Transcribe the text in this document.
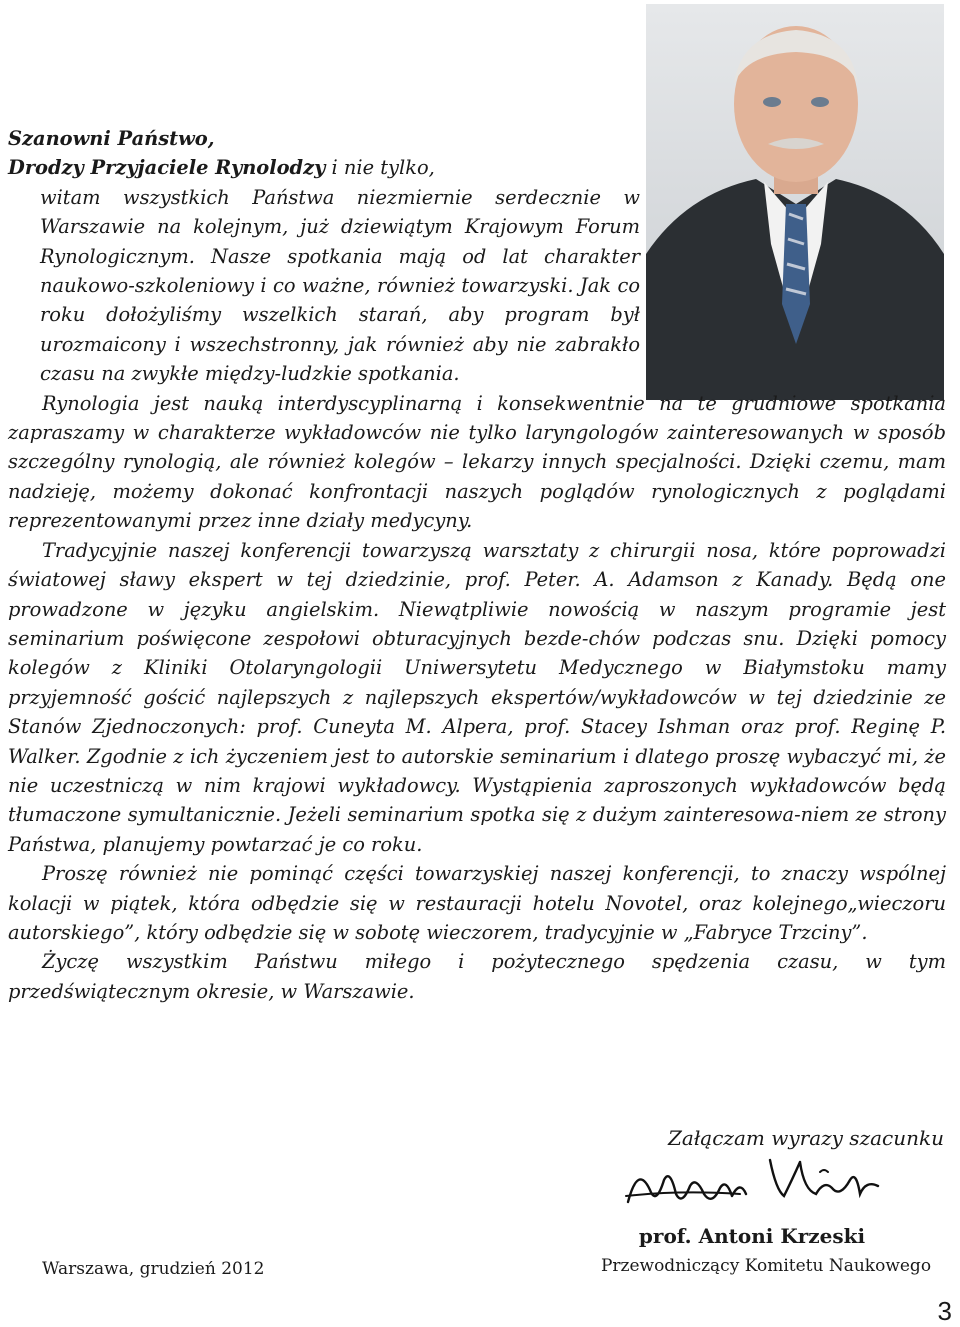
Szanowni Państwo,

Drodzy Przyjaciele Rynolodzy i nie tylko,

witam wszystkich Państwa niezmiernie serdecznie w Warszawie na kolejnym, już dziewiątym Krajowym Forum Rynologicznym. Nasze spotkania mają od lat charakter naukowo-szkoleniowy i co ważne, również towarzyski. Jak co roku dołożyliśmy wszelkich starań, aby program był urozmaicony i wszechstronny, jak również aby nie zabrakło czasu na zwykłe między-ludzkie spotkania.

Rynologia jest nauką interdyscyplinarną i konsekwentnie na te grudniowe spotkania zapraszamy w charakterze wykładowców nie tylko laryngologów zainteresowanych w sposób szczególny rynologią, ale również kolegów – lekarzy innych specjalności. Dzięki czemu, mam nadzieję, możemy dokonać konfrontacji naszych poglądów rynologicznych z poglądami reprezentowanymi przez inne działy medycyny.

Tradycyjnie naszej konferencji towarzyszą warsztaty z chirurgii nosa, które poprowadzi światowej sławy ekspert w tej dziedzinie, prof. Peter. A. Adamson z Kanady. Będą one prowadzone w języku angielskim. Niewątpliwie nowością w naszym programie jest seminarium poświęcone zespołowi obturacyjnych bezde-chów podczas snu. Dzięki pomocy kolegów z Kliniki Otolaryngologii Uniwersytetu Medycznego w Białymstoku mamy przyjemność gościć najlepszych z najlepszych ekspertów/wykładowców w tej dziedzinie ze Stanów Zjednoczonych: prof. Cuneyta M. Alpera, prof. Stacey Ishman oraz prof. Reginę P. Walker. Zgodnie z ich życzeniem jest to autorskie seminarium i dlatego proszę wybaczyć mi, że nie uczestniczą w nim krajowi wykładowcy. Wystąpienia zaproszonych wykładowców będą tłumaczone symultanicznie. Jeżeli seminarium spotka się z dużym zainteresowa-niem ze strony Państwa, planujemy powtarzać je co roku.

Proszę również nie pominąć części towarzyskiej naszej konferencji, to znaczy wspólnej kolacji w piątek, która odbędzie się w restauracji hotelu Novotel, oraz kolejnego„wieczoru autorskiego”, który odbędzie się w sobotę wieczorem, tradycyjnie w „Fabryce Trzciny”.

Życzę wszystkim Państwu miłego i pożytecznego spędzenia czasu, w tym przedświątecznym okresie, w Warszawie.

Załączam wyrazy szacunku
prof. Antoni Krzeski
Przewodniczący Komitetu Naukowego
Warszawa, grudzień 2012
3
